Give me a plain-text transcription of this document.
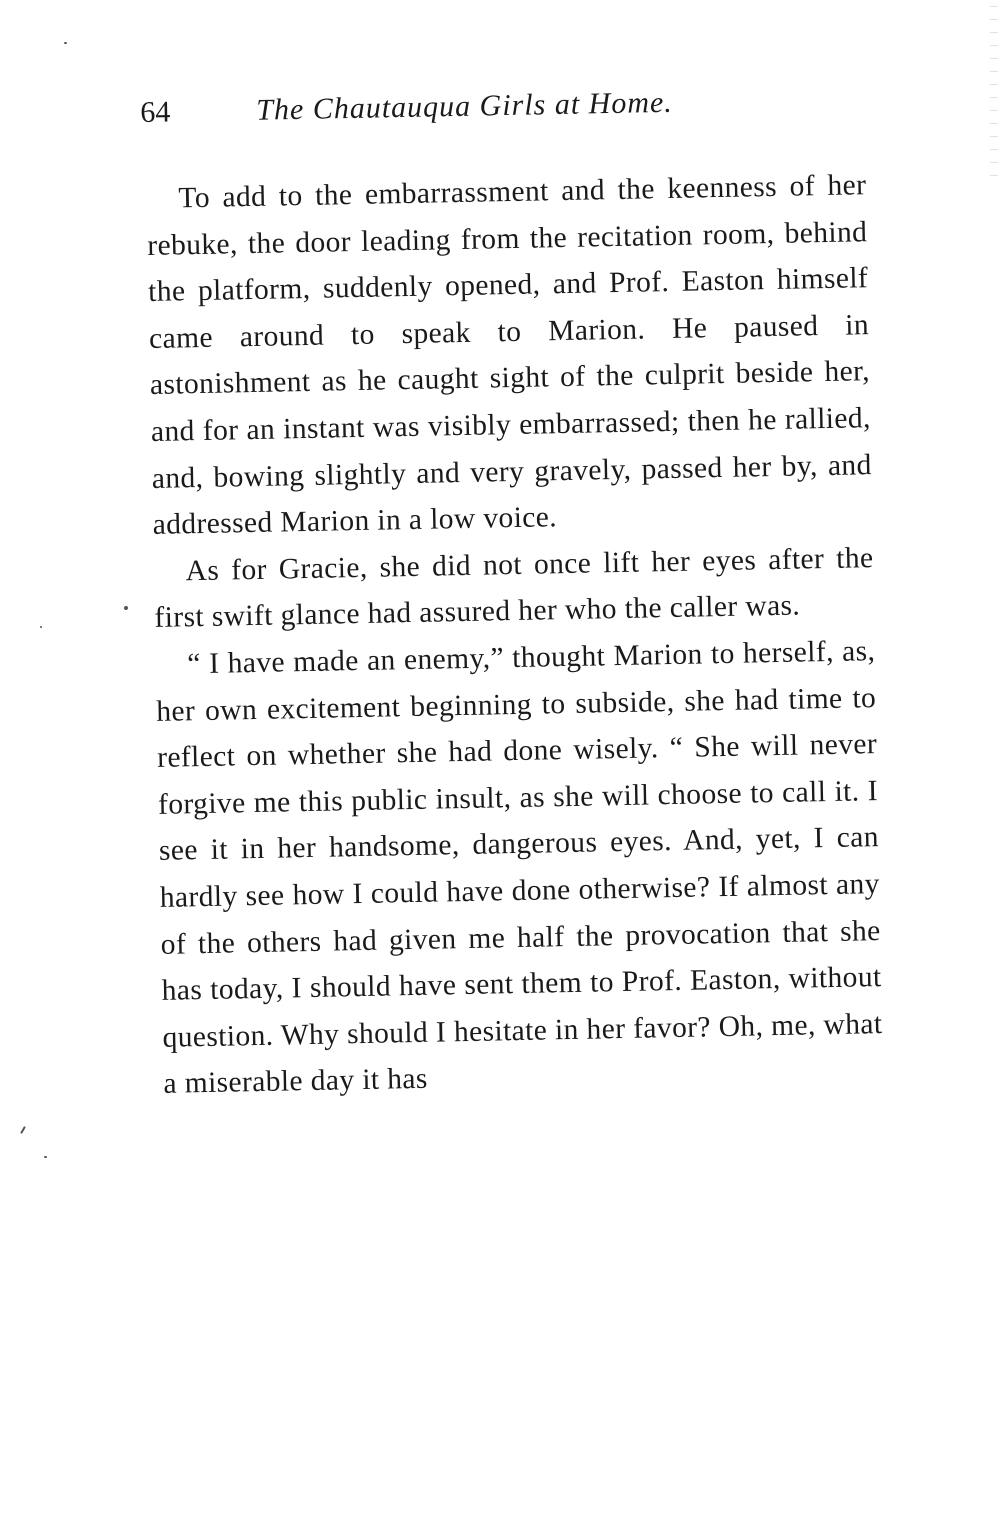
64	The Chautauqua Girls at Home.

To add to the embarrassment and the keenness of her rebuke, the door leading from the recitation room, behind the platform, suddenly opened, and Prof. Easton himself came around to speak to Marion. He paused in astonishment as he caught sight of the culprit beside her, and for an instant was visibly embarrassed; then he rallied, and, bowing slightly and very gravely, passed her by, and addressed Marion in a low voice.

As for Gracie, she did not once lift her eyes after the first swift glance had assured her who the caller was.

“ I have made an enemy,” thought Marion to herself, as, her own excitement beginning to subside, she had time to reflect on whether she had done wisely. “ She will never forgive me this public insult, as she will choose to call it. I see it in her handsome, dangerous eyes. And, yet, I can hardly see how I could have done otherwise? If almost any of the others had given me half the provocation that she has today, I should have sent them to Prof. Easton, without question. Why should I hesitate in her favor? Oh, me, what a miserable day it has
